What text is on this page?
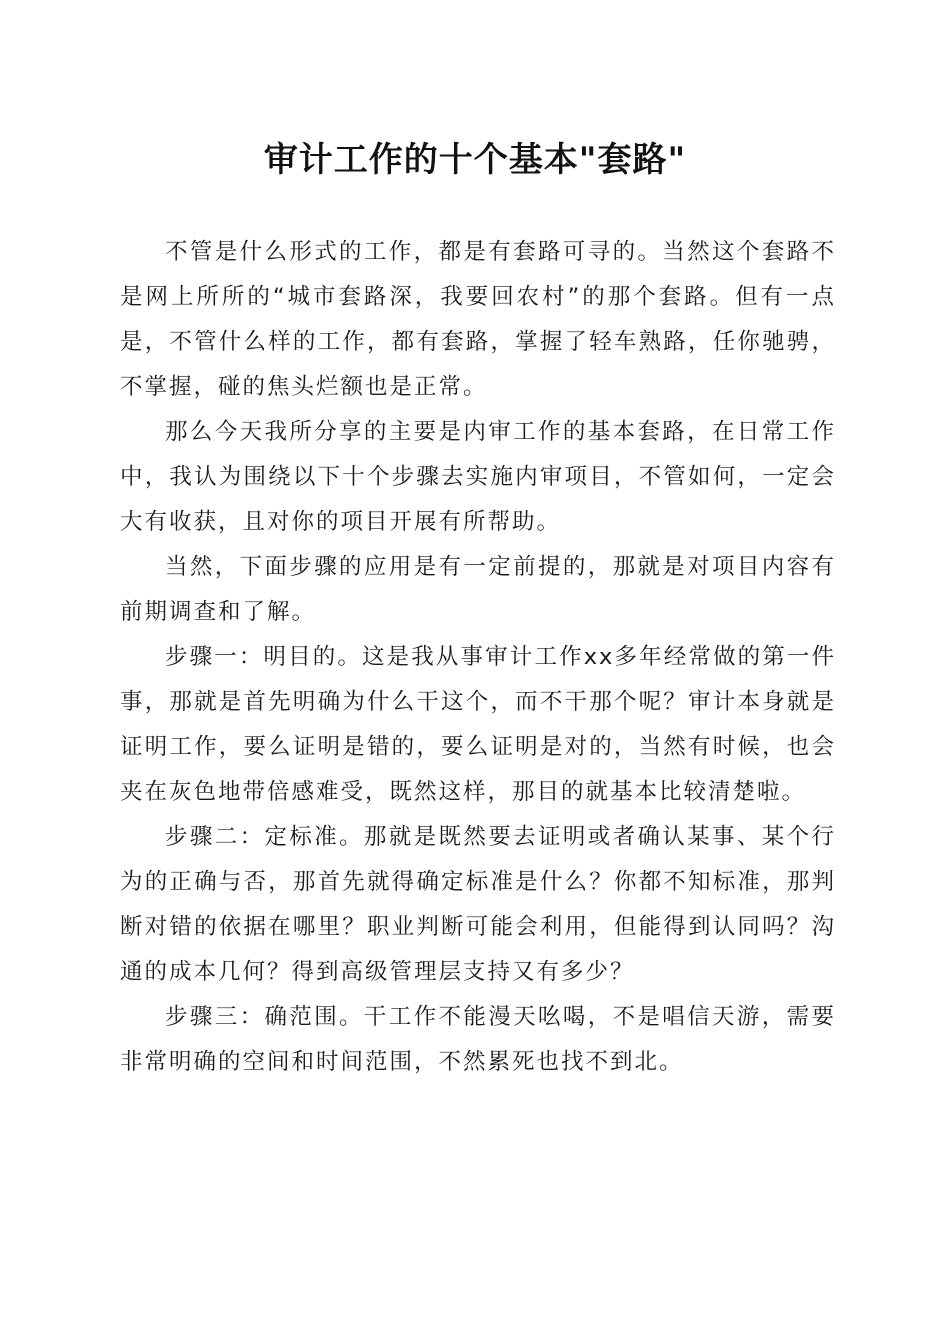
审计工作的十个基本"套路"

不管是什么形式的工作，都是有套路可寻的。当然这个套路不是网上所所的“城市套路深，我要回农村”的那个套路。但有一点是，不管什么样的工作，都有套路，掌握了轻车熟路，任你驰骋，不掌握，碰的焦头烂额也是正常。

那么今天我所分享的主要是内审工作的基本套路，在日常工作中，我认为围绕以下十个步骤去实施内审项目，不管如何，一定会大有收获，且对你的项目开展有所帮助。

当然，下面步骤的应用是有一定前提的，那就是对项目内容有前期调查和了解。

步骤一：明目的。这是我从事审计工作xx多年经常做的第一件事，那就是首先明确为什么干这个，而不干那个呢？审计本身就是证明工作，要么证明是错的，要么证明是对的，当然有时候，也会夹在灰色地带倍感难受，既然这样，那目的就基本比较清楚啦。

步骤二：定标准。那就是既然要去证明或者确认某事、某个行为的正确与否，那首先就得确定标准是什么？你都不知标准，那判断对错的依据在哪里？职业判断可能会利用，但能得到认同吗？沟通的成本几何？得到高级管理层支持又有多少？

步骤三：确范围。干工作不能漫天吆喝，不是唱信天游，需要非常明确的空间和时间范围，不然累死也找不到北。
